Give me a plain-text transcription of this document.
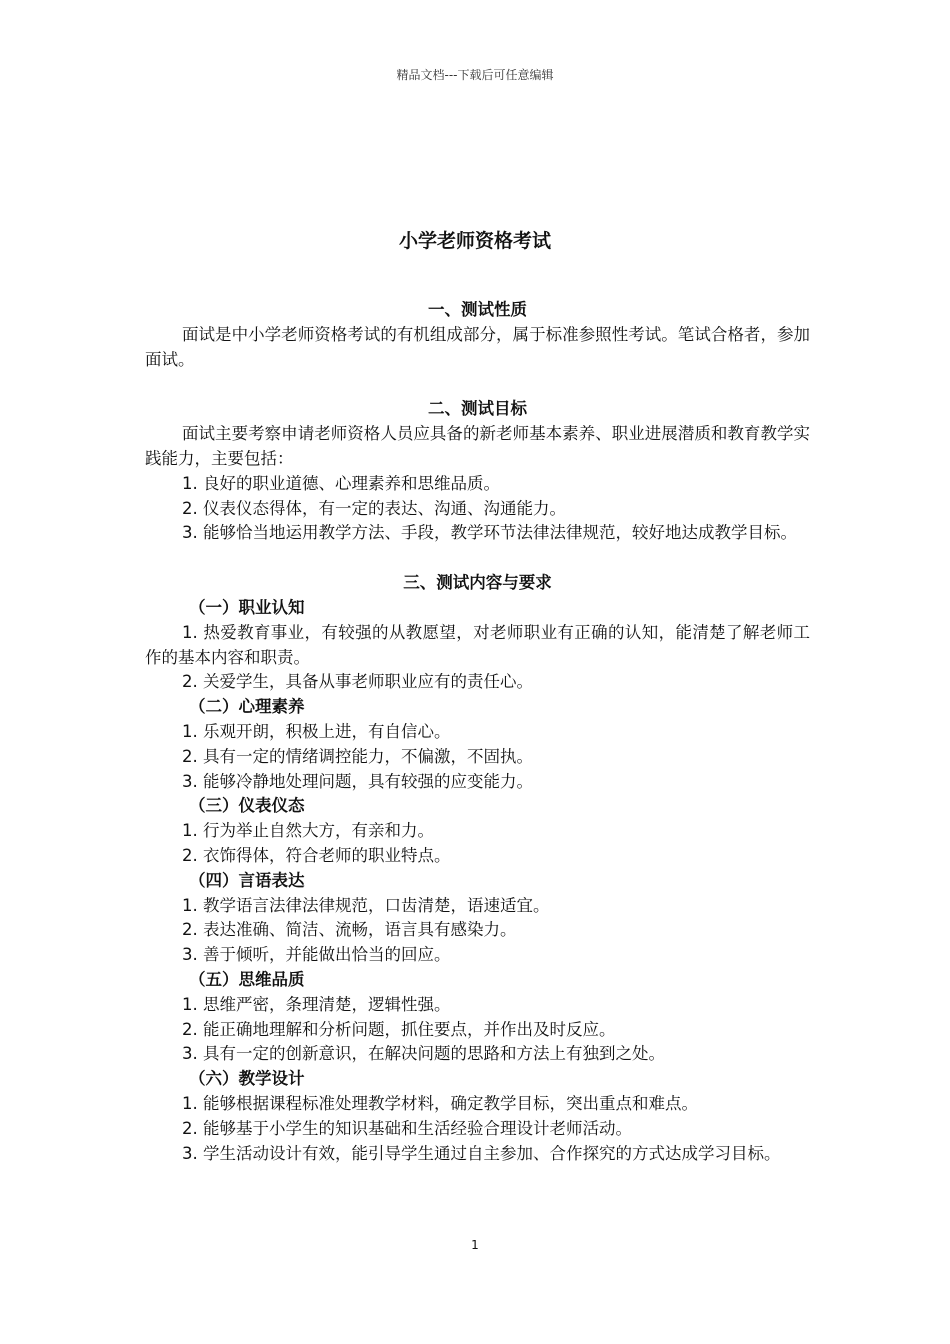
精品文档---下载后可任意编辑
小学老师资格考试
一、测试性质
面试是中小学老师资格考试的有机组成部分，属于标准参照性考试。笔试合格者，参加面试。
二、测试目标
面试主要考察申请老师资格人员应具备的新老师基本素养、职业进展潜质和教育教学实践能力，主要包括：
1. 良好的职业道德、心理素养和思维品质。
2. 仪表仪态得体，有一定的表达、沟通、沟通能力。
3. 能够恰当地运用教学方法、手段，教学环节法律法律规范，较好地达成教学目标。
三、测试内容与要求
（一）职业认知
1. 热爱教育事业，有较强的从教愿望，对老师职业有正确的认知，能清楚了解老师工作的基本内容和职责。
2. 关爱学生，具备从事老师职业应有的责任心。
（二）心理素养
1. 乐观开朗，积极上进，有自信心。
2. 具有一定的情绪调控能力，不偏激，不固执。
3. 能够冷静地处理问题，具有较强的应变能力。
（三）仪表仪态
1. 行为举止自然大方，有亲和力。
2. 衣饰得体，符合老师的职业特点。
（四）言语表达
1. 教学语言法律法律规范，口齿清楚，语速适宜。
2. 表达准确、简洁、流畅，语言具有感染力。
3. 善于倾听，并能做出恰当的回应。
（五）思维品质
1. 思维严密，条理清楚，逻辑性强。
2. 能正确地理解和分析问题，抓住要点，并作出及时反应。
3. 具有一定的创新意识，在解决问题的思路和方法上有独到之处。
（六）教学设计
1. 能够根据课程标准处理教学材料，确定教学目标，突出重点和难点。
2. 能够基于小学生的知识基础和生活经验合理设计老师活动。
3. 学生活动设计有效，能引导学生通过自主参加、合作探究的方式达成学习目标。
1
